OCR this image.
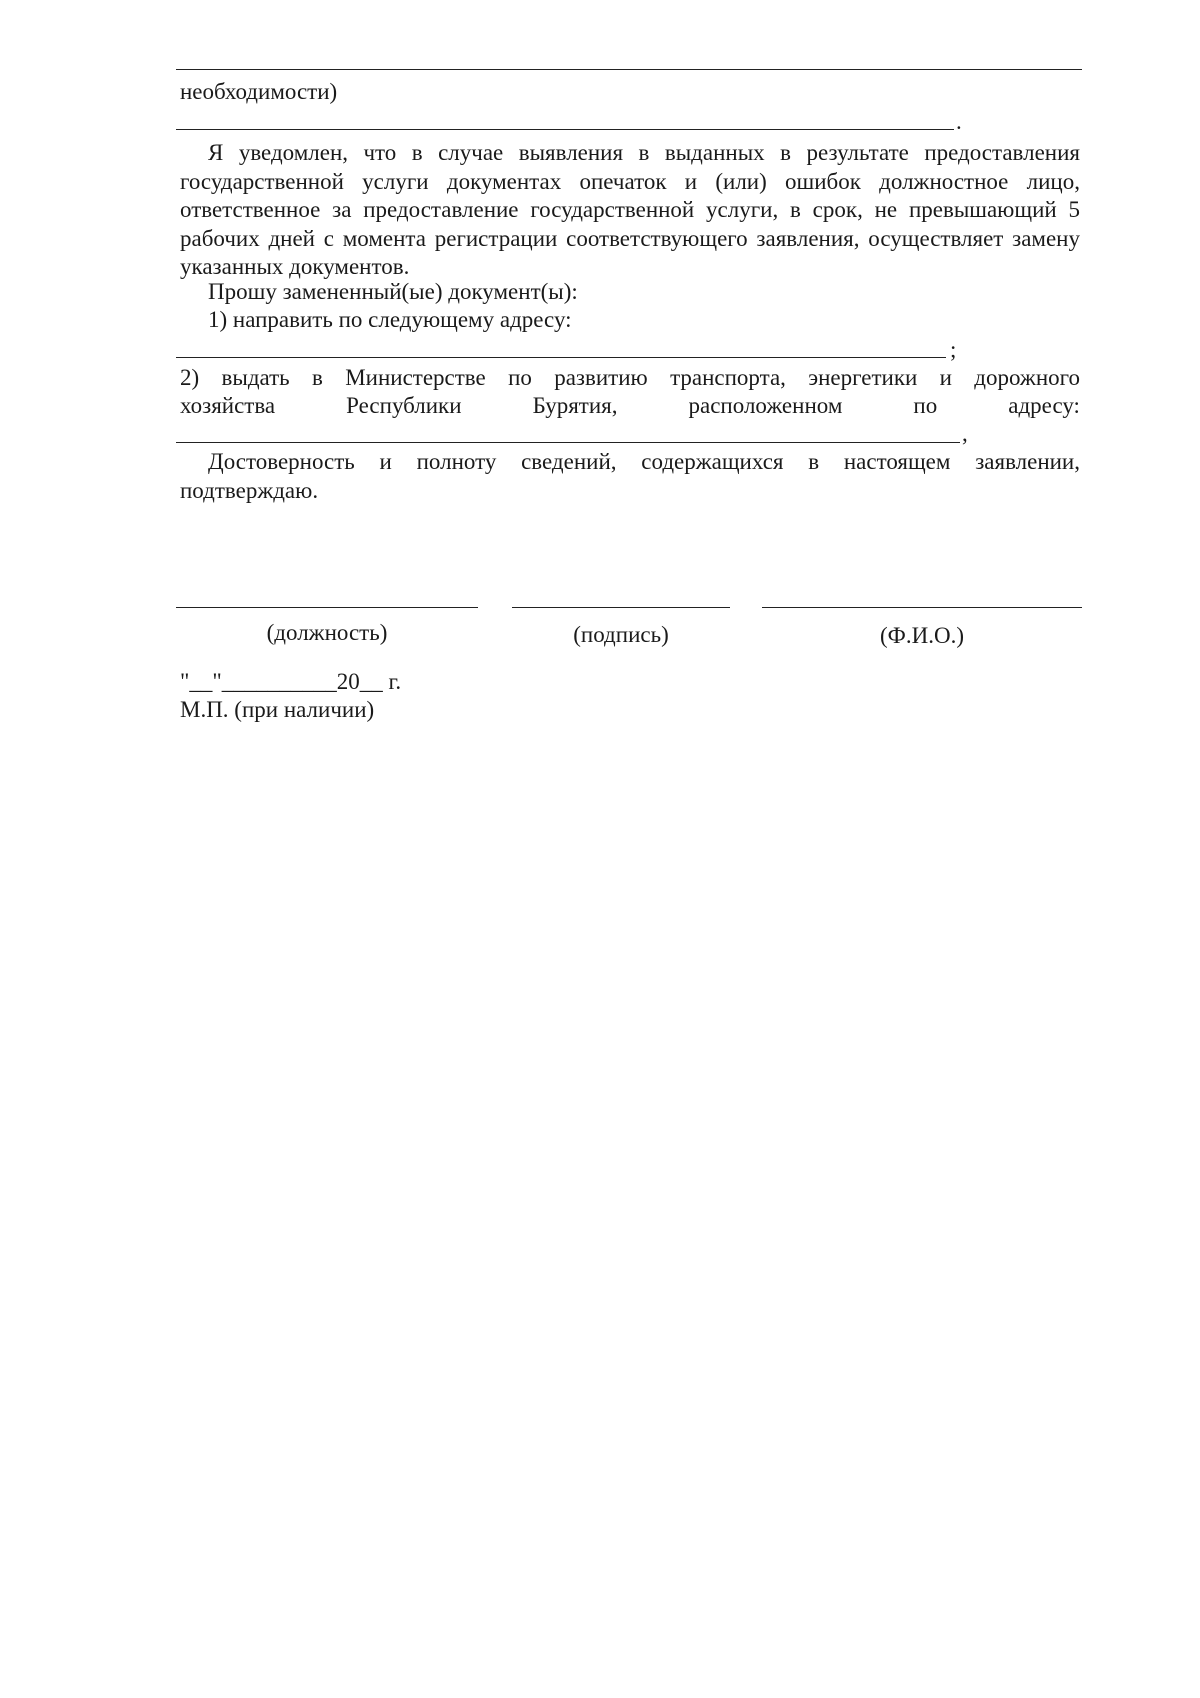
необходимости)
.
Я уведомлен, что в случае выявления в выданных в результате предоставления государственной услуги документах опечаток и (или) ошибок должностное лицо, ответственное за предоставление государственной услуги, в срок, не превышающий 5 рабочих дней с момента регистрации соответствующего заявления, осуществляет замену указанных документов.
Прошу замененный(ые) документ(ы):
1) направить по следующему адресу:
;
2) выдать в Министерстве по развитию транспорта, энергетики и дорожного
хозяйства	Республики	Бурятия,	расположенном	по	адресу:
,
Достоверность и полноту сведений, содержащихся в настоящем заявлении, подтверждаю.
(должность)	(подпись)	(Ф.И.О.)
"__"__________20__ г.
М.П. (при наличии)
